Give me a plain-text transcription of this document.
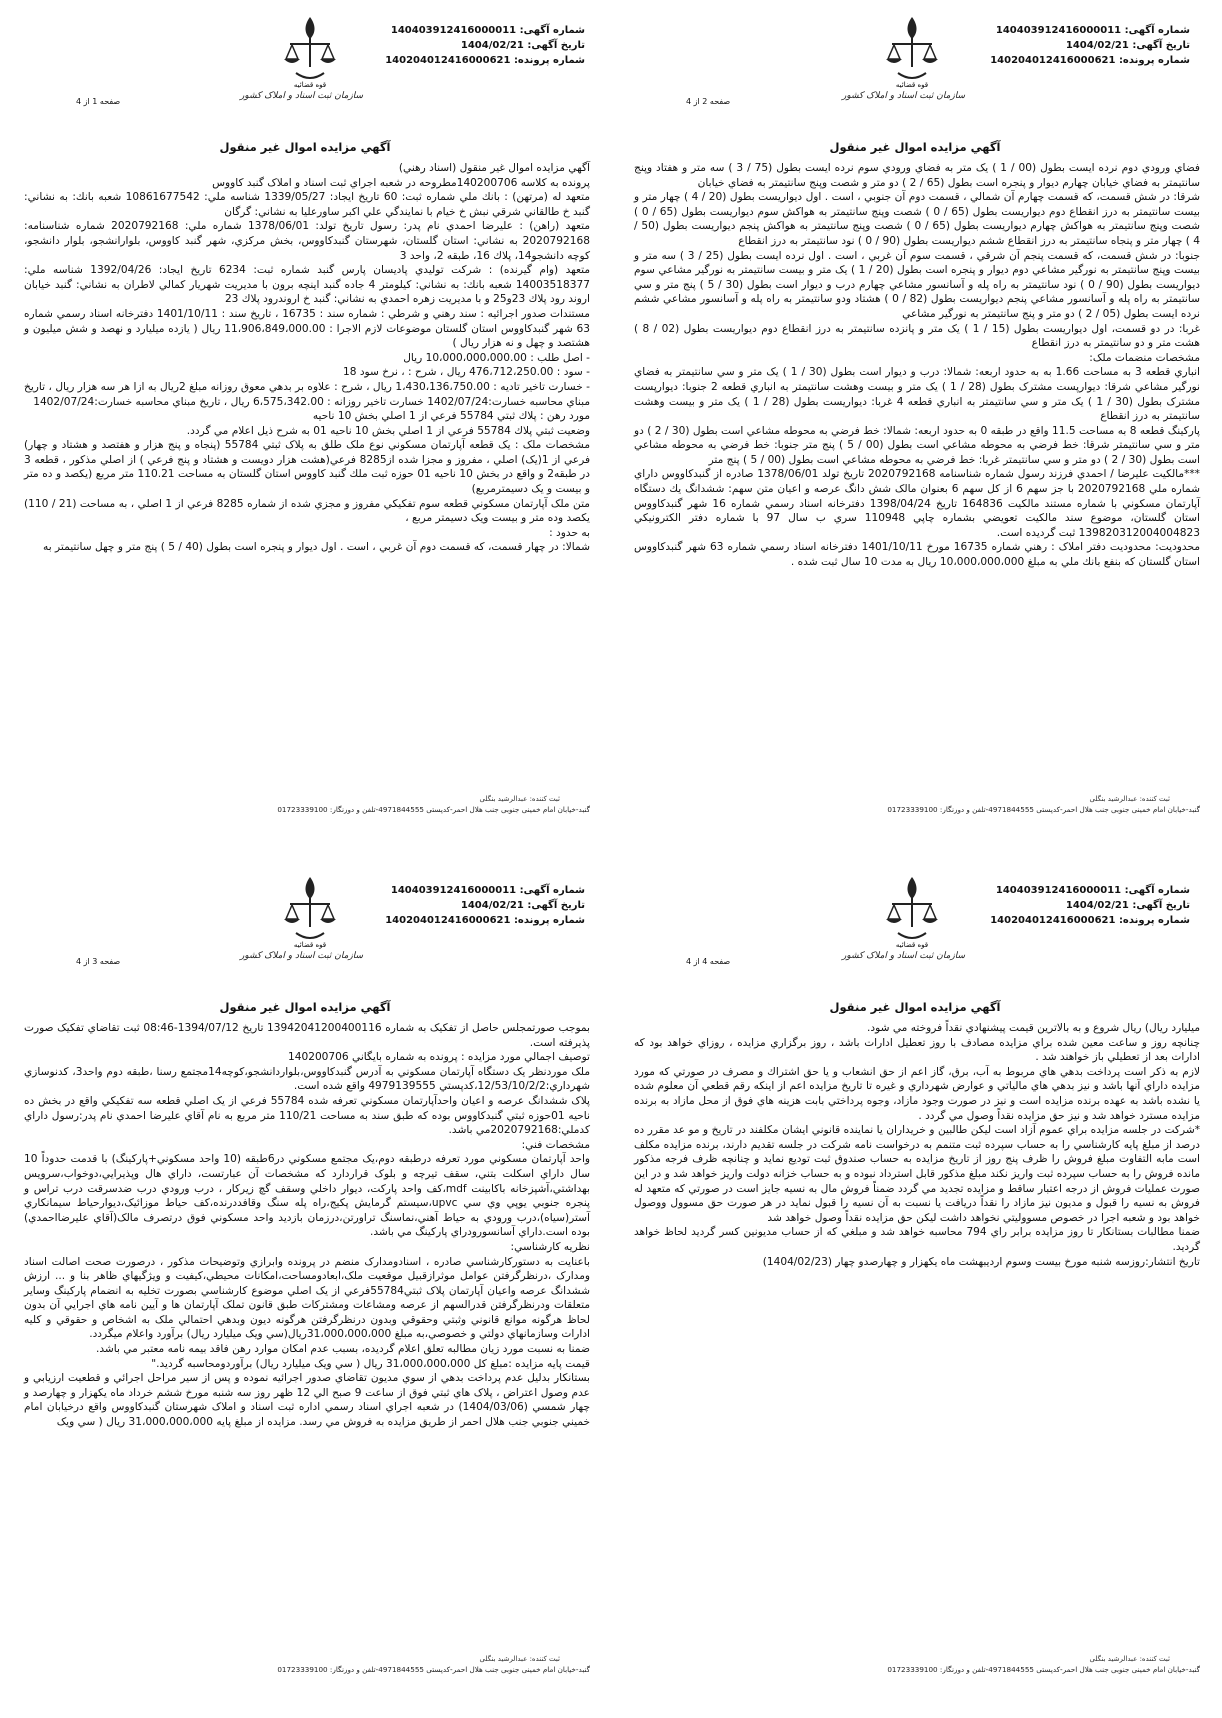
شماره آگهی: 140403912416000011
تاریخ آگهی: 1404/02/21
شماره پرونده: 140204012416000621
قوه قضائیه
سازمان ثبت اسناد و املاک کشور
صفحه 1 از 4
آگهي مزايده اموال غير منقول

آگهي مزايده اموال غير منقول (اسناد رهني)

پرونده به کلاسه 140200706مطروحه در شعبه اجراي ثبت اسناد و املاک گنبد کاووس

متعهد له (مرتهن) : بانك ملي شماره ثبت: 60 تاريخ ايجاد: 1339/05/27 شناسه ملي: 10861677542 شعبه بانك: به نشاني: گنبد خ طالقاني شرقي نبش خ خيام با نمايندگي علي اكبر ساورعليا به نشاني: گرگان

متعهد (راهن) : عليرضا احمدي نام پدر: رسول تاريخ تولد: 1378/06/01 شماره ملي: 2020792168 شماره شناسنامه: 2020792168 به نشاني: استان گلستان، شهرستان گنبدكاووس، بخش مركزي، شهر گنبد كاووس، بلوارانشجو، بلوار دانشجو، كوچه دانشجو14، پلاك 16، طبقه 2، واحد 3

متعهد (وام گيرنده) : شركت توليدي پاديسان پارس گنبد شماره ثبت: 6234 تاريخ ايجاد: 1392/04/26 شناسه ملي: 14003518377 شعبه بانك: به نشاني: كيلومتر 4 جاده گنبد اينچه برون با مديريت شهريار كمالي لاطران به نشاني: گنبد خيابان اروند رود پلاك 23و25 و با مديريت زهره احمدي به نشاني: گنبد خ اروندرود پلاك 23

مستندات صدور اجرائيه : سند رهني و شرطي : شماره سند : 16735 ، تاريخ سند : 1401/10/11 دفترخانه اسناد رسمي شماره 63 شهر گنبدكاووس استان گلستان موضوعات لازم الاجرا : 11،906،849،000.00 ريال ( يازده ميليارد و نهصد و شش ميليون و هشتصد و چهل و نه هزار ريال )

- اصل طلب : 10،000،000،000.00 ريال

- سود : 476،712،250.00 ريال ، شرح : ، نرخ سود 18

- خسارت تاخير تاديه : 1،430،136،750.00 ريال ، شرح : علاوه بر بدهي معوق روزانه مبلغ 2ريال به ازا هر سه هزار ريال ، تاريخ مبناي محاسبه خسارت:1402/07/24 خسارت تاخير روزانه : 6،575،342.00 ريال ، تاريخ مبناي محاسبه خسارت:1402/07/24

مورد رهن : پلاك ثبتي 55784 فرعي از 1 اصلي بخش 10 ناحيه

وضعيت ثبتي پلاك 55784 فرعي از 1 اصلي بخش 10 ناحيه 01 به شرح ذيل اعلام مي گردد.

مشخصات ملک : يک قطعه آپارتمان مسکوني نوع ملک طلق به پلاک ثبتي 55784 (پنجاه و پنج هزار و هفتصد و هشتاد و چهار) فرعي از 1(يک) اصلي ، مفروز و مجزا شده از8285 فرعي(هشت هزار دويست و هشتاد و پنج فرعي ) از اصلي مذکور ، قطعه 3 در طبقه2 و واقع در بخش 10 ناحيه 01 حوزه ثبت ملك گنبد كاووس استان گلستان به مساحت 110.21 متر مربع (يکصد و ده متر و بيست و يک دسيمترمربع)

متن ملک آپارتمان مسکوني قطعه سوم تفکيکي مفروز و مجزي شده از شماره 8285 فرعي از 1 اصلي ، به مساحت (21 / 110) يکصد وده متر و بيست ويک دسيمتر مربع ،

به حدود :

شمالا: در چهار قسمت، که قسمت دوم آن غربي ، است . اول ديوار و پنجره است بطول (40 / 5 ) پنج متر و چهل سانتيمتر به

ثبت کننده: عبدالرشید بنگلی
گنبد-خیابان امام خمینی جنوبی جنب هلال احمر-کدپستی 4971844555-تلفن و دورنگار: 01723339100
شماره آگهی: 140403912416000011
تاریخ آگهی: 1404/02/21
شماره پرونده: 140204012416000621
قوه قضائیه
سازمان ثبت اسناد و املاک کشور
صفحه 2 از 4
آگهي مزايده اموال غير منقول

فضاي ورودي دوم نرده ايست بطول (00 / 1 ) يک متر به فضاي ورودي سوم نرده ايست بطول (75 / 3 ) سه متر و هفتاد وپنج سانتيمتر به فضاي خيابان چهارم ديوار و پنجره است بطول (65 / 2 ) دو متر و شصت وپنج سانتيمتر به فضاي خيابان

شرقا: در شش قسمت، که قسمت چهارم آن شمالي ، قسمت دوم آن جنوبي ، است . اول ديواريست بطول (20 / 4 ) چهار متر و بيست سانتيمتر به درز انقطاع دوم ديواريست بطول (65 / 0 ) شصت وپنج سانتيمتر به هواكش سوم ديواريست بطول (65 / 0 ) شصت وپنج سانتيمتر به هواكش چهارم ديواريست بطول (65 / 0 ) شصت وپنج سانتيمتر به هواكش پنجم ديواريست بطول (50 / 4 ) چهار متر و پنجاه سانتيمتر به درز انقطاع ششم ديواريست بطول (90 / 0 ) نود سانتيمتر به درز انقطاع

جنوبا: در شش قسمت، كه قسمت پنجم آن شرقي ، قسمت سوم آن غربي ، است . اول نرده ايست بطول (25 / 3 ) سه متر و بيست وپنج سانتيمتر به نورگير مشاعي دوم ديوار و پنجره است بطول (20 / 1 ) يک متر و بيست سانتيمتر به نورگير مشاعي سوم ديواريست بطول (90 / 0 ) نود سانتيمتر به راه پله و آسانسور مشاعي چهارم درب و ديوار است بطول (30 / 5 ) پنج متر و سي سانتيمتر به راه پله و آسانسور مشاعي پنجم ديواريست بطول (82 / 0 ) هشتاد ودو سانتيمتر به راه پله و آسانسور مشاعي ششم نرده ايست بطول (05 / 2 ) دو متر و پنج سانتيمتر به نورگير مشاعي

غربا: در دو قسمت، اول ديواريست بطول (15 / 1 ) يک متر و پانزده سانتيمتر به درز انقطاع دوم ديواريست بطول (02 / 8 ) هشت متر و دو سانتيمتر به درز انقطاع

مشخصات منضمات ملک:

انباري قطعه 3 به مساحت 1.66 به به حدود اربعه: شمالا: درب و ديوار است بطول (30 / 1 ) يک متر و سي سانتيمتر به فضاي نورگير مشاعي شرقا: ديوارپست مشترک بطول (28 / 1 ) يک متر و بيست وهشت سانتيمتر به انباري قطعه 2 جنوبا: ديوارپست مشترک بطول (30 / 1 ) يک متر و سي سانتيمتر به انباري قطعه 4 غربا: ديواريست بطول (28 / 1 ) يک متر و بيست وهشت سانتيمتر به درز انقطاع

پارکينگ قطعه 8 به مساحت 11.5 واقع در طبقه 0 به حدود اربعه: شمالا: خط فرضي به محوطه مشاعي است بطول (30 / 2 ) دو متر و سي سانتيمتر شرقا: خط فرضي به محوطه مشاعي است بطول (00 / 5 ) پنج متر جنوبا: خط فرضي به محوطه مشاعي است بطول (30 / 2 ) دو متر و سي سانتيمتر غربا: خط فرضي به محوطه مشاعي است بطول (00 / 5 ) پنج متر

***مالکيت عليرضا / احمدي فرزند رسول شماره شناسنامه 2020792168 تاريخ تولد 1378/06/01 صادره از گنبدکاووس داراي شماره ملي 2020792168 با جز سهم 6 از کل سهم 6 بعنوان مالک شش دانگ عرصه و اعيان متن سهم: ششدانگ يك دستگاه آپارتمان مسكوني با شماره مستند مالکيت 164836 تاريخ 1398/04/24 دفترخانه اسناد رسمي شماره 16 شهر گنبدكاووس استان گلستان، موضوع سند مالكيت تعويضي بشماره چاپي 110948 سري ب سال 97 با شماره دفتر الكترونيكي 139820312004004823 ثبت گرديده است.

محدوديت: محدوديت دفتر املاک : رهني شماره 16735 مورخ 1401/10/11 دفترخانه اسناد رسمي شماره 63 شهر گنبدكاووس استان گلستان كه بنفع بانك ملي به مبلغ 10،000،000،000 ريال به مدت 10 سال ثبت شده .

ثبت کننده: عبدالرشید بنگلی
گنبد-خیابان امام خمینی جنوبی جنب هلال احمر-کدپستی 4971844555-تلفن و دورنگار: 01723339100
شماره آگهی: 140403912416000011
تاریخ آگهی: 1404/02/21
شماره پرونده: 140204012416000621
قوه قضائیه
سازمان ثبت اسناد و املاک کشور
صفحه 3 از 4
آگهي مزايده اموال غير منقول

بموجب صورتمجلس حاصل از تفکيک به شماره 13942041200400116 تاريخ 1394/07/12-08:46 ثبت تقاضاي تفکيک صورت پذيرفته است.

توصيف اجمالي مورد مزايده : پرونده به شماره بايگاني 140200706

ملک موردنظر يک دستگاه آپارتمان مسکوني به آدرس گنبدکاووس،بلواردانشجو،کوچه14مجتمع رسنا ،طبقه دوم واحد3، کدنوسازي شهرداري:12/53/10/2/2،کدپستي 4979139555 واقع شده است.

پلاک ششدانگ عرصه و اعيان واحدآپارتمان مسکوني تعرفه شده 55784 فرعي از يک اصلي قطعه سه تفکيکي واقع در بخش ده ناحيه 01حوزه ثبتي گنبدکاووس بوده که طبق سند به مساحت 110/21 متر مربع به نام آقاي عليرضا احمدي نام پدر:رسول داراي کدملي:2020792168مي باشد.

مشخصات فني:

واحد آپارتمان مسکوني مورد تعرفه درطبقه دوم،يک مجتمع مسکوني در6طبقه (10 واحد مسکوني+پارکينگ) با قدمت حدوداً 10 سال داراي اسکلت بتني، سقف تيرچه و بلوک قراردارد که مشخصات آن عبارتست، داراي هال وپذيرايي،دوخواب،سرويس بهداشتي،آشپزخانه باکابينت mdf،کف واحد پارکت، ديوار داخلي وسقف گچ زيرکار ، درب ورودي درب ضدسرقت درب تراس و پنجره جنوبي يوپي وي سي upvc،سيستم گرمايش پکيج،راه پله سنگ وقافددرنده،کف حياط موزائيک،ديوارحياط سيمانکاري آستر(سياه)،درب ورودي به حياط آهني،نماسنگ تراورتن،درزمان بازديد واحد مسکوني فوق درتصرف مالک(آقاي عليرضااحمدي) بوده است.داراي آسانسورودراي پارکينگ مي باشد.

نظريه کارشناسي:

باعنايت به دستورکارشناسي صادره ، اسنادومدارک منضم در پرونده وابرازي وتوضيحات مذکور ، درصورت صحت اصالت اسناد ومدارک ،درنظرگرفتن عوامل موثرازقبيل موقعيت ملک،ابعادومساحت،امکانات محيطي،کيفيت و ويژگيهاي ظاهر بنا و ... ارزش ششدانگ عرصه واعيان آپارتمان پلاک ثبتي55784فرعي از يک اصلي موضوع کارشناسي بصورت تخليه به انضمام پارکينگ وساير متعلقات ودرنظرگرفتن قدرالسهم از عرصه ومشاعات ومشترکات طبق قانون تملک آپارتمان ها و آيين نامه هاي اجرايي آن بدون لحاظ هرگونه موانع قانوني وثبتي وحقوقي وبدون درنظرگرفتن هرگونه ديون وبدهي احتمالي ملک به اشخاص و حقوقي و کليه ادارات وسازمانهاي دولتي و خصوصي،به مبلغ 31،000،000،000ريال(سي ويک ميليارد ريال) برآورد واعلام ميگردد.

ضمنا به نسبت مورد زيان مطالبه تعلق اعلام گرديده، بسبب عدم امکان موارد رهن فاقد بيمه نامه معتبر مي باشد.

قيمت پايه مزايده :مبلغ کل 31،000،000،000 ريال ( سي ويک ميليارد ريال) برآوردومحاسبه گرديد."

بستانکار بدليل عدم پرداخت بدهي از سوي مديون تقاضاي صدور اجرائيه نموده و پس از سير مراحل اجرائي و قطعيت ارزيابي و عدم وصول اعتراض ، پلاک هاي ثبتي فوق از ساعت 9 صبح الي 12 ظهر روز سه شنبه مورخ ششم خرداد ماه يکهزار و چهارصد و چهار شمسي (1404/03/06) در شعبه اجراي اسناد رسمي اداره ثبت اسناد و املاک شهرستان گنبدکاووس واقع درخيابان امام خميني جنوبي جنب هلال احمر از طريق مزايده به فروش مي رسد. مزايده از مبلغ پايه 31،000،000،000 ريال ( سي ويک

ثبت کننده: عبدالرشید بنگلی
گنبد-خیابان امام خمینی جنوبی جنب هلال احمر-کدپستی 4971844555-تلفن و دورنگار: 01723339100
شماره آگهی: 140403912416000011
تاریخ آگهی: 1404/02/21
شماره پرونده: 140204012416000621
قوه قضائیه
سازمان ثبت اسناد و املاک کشور
صفحه 4 از 4
آگهي مزايده اموال غير منقول

ميليارد ريال) ريال شروع و به بالاترين قيمت پيشنهادي نقداً فروخته مي شود.

چنانچه روز و ساعت معين شده براي مزايده مصادف با روز تعطيل ادارات باشد ، روز برگزاري مزايده ، روزاي خواهد بود كه ادارات بعد از تعطيلي باز خواهند شد .

لازم به ذكر است پرداخت بدهي هاي مربوط به آب، برق، گاز اعم از حق انشعاب و يا حق اشتراك و مصرف در صورتي كه مورد مزايده داراي آنها باشد و نيز بدهي هاي مالياتي و عوارض شهرداري و غيره تا تاريخ مزايده اعم از اينكه رقم قطعي آن معلوم شده يا نشده باشد به عهده برنده مزايده است و نيز در صورت وجود مازاد، وجوه پرداختي بابت هزينه هاي فوق از محل مازاد به برنده مزايده مسترد خواهد شد و نيز حق مزايده نقداً وصول مي گردد .

*شرکت در جلسه مزايده براي عموم آزاد است ليکن طالبين و خريداران يا نماينده قانوني ايشان مکلفند در تاريخ و مو عد مقرر ده درصد از مبلغ پايه کارشناسي را به حساب سپرده ثبت متنمم به درخواست نامه شركت در جلسه تقديم دارند، برنده مزايده مکلف است مابه التفاوت مبلغ فروش را ظرف پنج روز از تاريخ مزايده به حساب صندوق ثبت توديع نمايد و چنانچه ظرف فرجه مذکور مانده فروش را به حساب سپرده ثبت واريز نكند مبلغ مذکور قابل استرداد نبوده و به حساب خزانه دولت واريز خواهد شد و در اين صورت عمليات فروش از درجه اعتبار ساقط و مزايده تجديد مي گردد ضمناً فروش مال به نسيه جايز است در صورتي كه متعهد له فروش به نسيه را قبول و مديون نيز مازاد را نقداً دريافت يا نسبت به آن نسيه را قبول نمايد در هر صورت حق مسوول ووصول خواهد بود و شعبه اجرا در خصوص مسوولیتي نخواهد داشت ليکن حق مزايده نقداً وصول خواهد شد

ضمنا مطالبات بستانکار تا روز مزايده برابر راي 794 محاسبه خواهد شد و مبلغي كه از حساب مديونين كسر گرديد لحاظ خواهد گرديد.

تاريخ انتشار:روزسه شنبه مورخ بيست وسوم ارديبهشت ماه يکهزار و چهارصدو چهار (1404/02/23)

ثبت کننده: عبدالرشید بنگلی
گنبد-خیابان امام خمینی جنوبی جنب هلال احمر-کدپستی 4971844555-تلفن و دورنگار: 01723339100
